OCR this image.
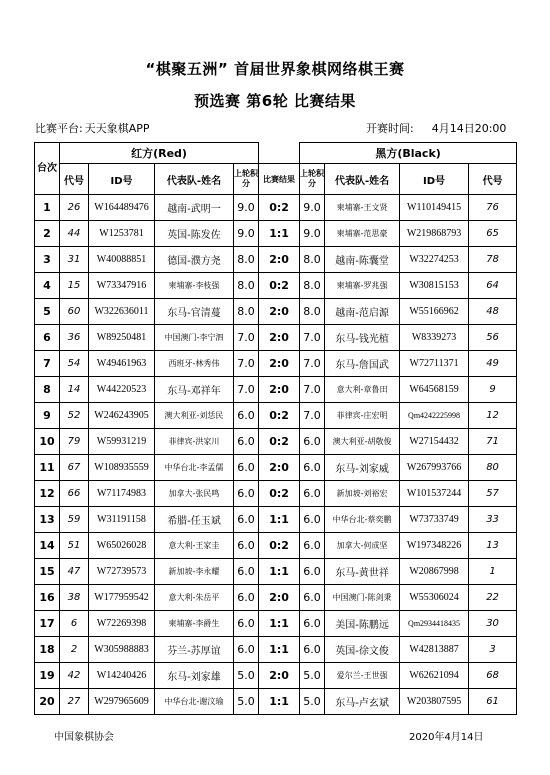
“棋聚五洲” 首届世界象棋网络棋王赛
预选赛 第6轮 比赛结果
比赛平台: 天天象棋APP	开赛时间: 4月14日20:00
台次	红方(Red)					黑方(Black)			
	代号	ID号	代表队-姓名	上轮积分	比赛结果	上轮积分	代表队-姓名	ID号	代号
1	26	W164489476	越南-武明一	9.0	0:2	9.0	柬埔寨-王文贤	W110149415	76
2	44	W1253781	英国-陈发佐	9.0	1:1	9.0	柬埔寨-范思豪	W219868793	65
3	31	W40088851	德国-濮方尧	8.0	2:0	8.0	越南-陈囊堂	W32274253	78
4	15	W73347916	柬埔寨-李枝强	8.0	0:2	8.0	柬埔寨-罗兆强	W30815153	64
5	60	W322636011	东马-官清蔓	8.0	2:0	8.0	越南-范启源	W55166962	48
6	36	W89250481	中国澳门-李宁泗	7.0	2:0	7.0	东马-钱光植	W8339273	56
7	54	W49461963	西班牙-林秀伟	7.0	2:0	7.0	东马-詹国武	W72711371	49
8	14	W44220523	东马-邓祥年	7.0	2:0	7.0	意大利-章鲁田	W64568159	9
9	52	W246243905	澳大利亚-刘恁民	6.0	0:2	7.0	菲律宾-庄宏明	Qm4242225998	12
10	79	W59931219	菲律宾-洪家川	6.0	0:2	6.0	澳大利亚-胡敬俊	W27154432	71
11	67	W108935559	中华台北-李孟儒	6.0	2:0	6.0	东马-刘家威	W267993766	80
12	66	W71174983	加拿大-张民鸣	6.0	0:2	6.0	新加坡-刘裕宏	W101537244	57
13	59	W31191158	希腊-任玉斌	6.0	1:1	6.0	中华台北-蔡奕鹏	W73733749	33
14	51	W65026028	意大利-王家圭	6.0	0:2	6.0	加拿大-何成坚	W197348226	13
15	47	W72739573	新加坡-李永耀	6.0	1:1	6.0	东马-黄世祥	W20867998	1
16	38	W177959542	意大利-朱岳平	6.0	2:0	6.0	中国澳门-陈剑秉	W55306024	22
17	6	W72269398	柬埔寨-李爵生	6.0	1:1	6.0	美国-陈鹏远	Qm2934418435	30
18	2	W305988883	芬兰-苏厚谊	6.0	1:1	6.0	英国-徐文俊	W42813887	3
19	42	W14240426	东马-刘家雄	5.0	2:0	5.0	爱尔兰-王世强	W62621094	68
20	27	W297965609	中华台北-谢汶瑜	5.0	1:1	5.0	东马-卢玄斌	W203807595	61
中国象棋协会	2020年4月14日
